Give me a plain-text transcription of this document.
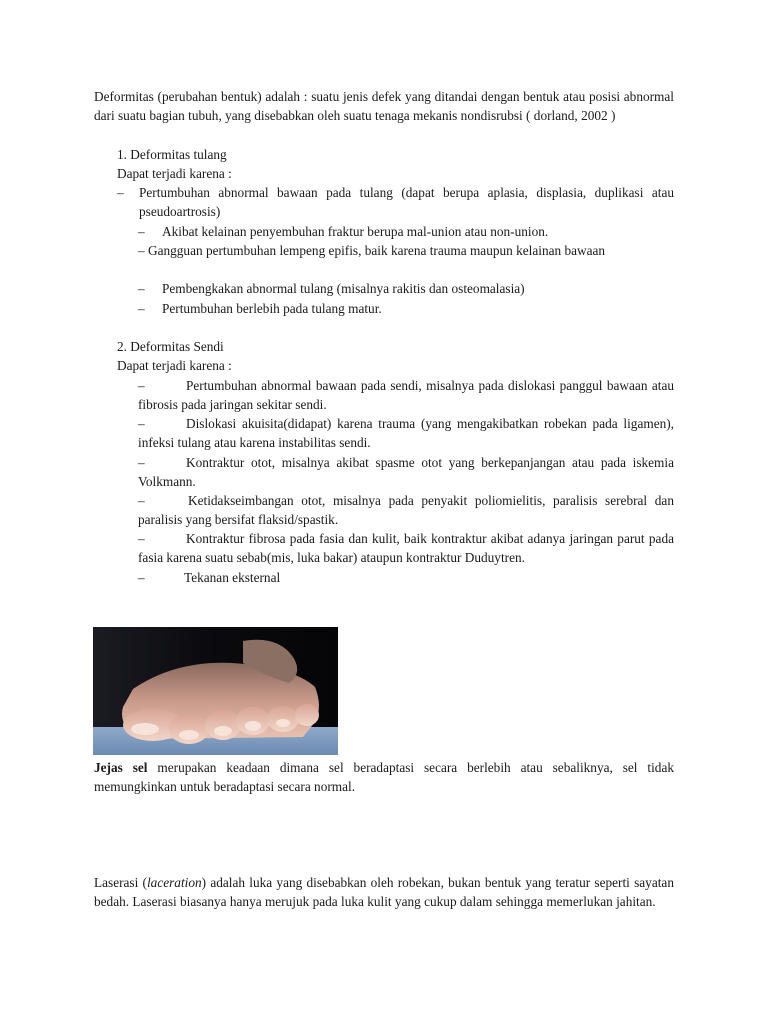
Deformitas (perubahan bentuk) adalah : suatu jenis defek yang ditandai dengan bentuk atau posisi abnormal dari suatu bagian tubuh, yang disebabkan oleh suatu tenaga mekanis nondisrubsi ( dorland, 2002 )

1. Deformitas tulang

Dapat terjadi karena :

–	Pertumbuhan abnormal bawaan pada tulang (dapat berupa aplasia, displasia, duplikasi atau pseudoartrosis)
–	Akibat kelainan penyembuhan fraktur berupa mal-union atau non-union.
– Gangguan pertumbuhan lempeng epifis, baik karena trauma maupun kelainan bawaan
–	Pembengkakan abnormal tulang (misalnya rakitis dan osteomalasia)
–	Pertumbuhan berlebih pada tulang matur.

2. Deformitas Sendi

Dapat terjadi karena :

–	Pertumbuhan abnormal bawaan pada sendi, misalnya pada dislokasi panggul bawaan atau fibrosis pada jaringan sekitar sendi.
–	Dislokasi akuisita(didapat) karena trauma (yang mengakibatkan robekan pada ligamen), infeksi tulang atau karena instabilitas sendi.
–	Kontraktur otot, misalnya akibat spasme otot yang berkepanjangan atau pada iskemia Volkmann.
–	Ketidakseimbangan otot, misalnya pada penyakit poliomielitis, paralisis serebral dan paralisis yang bersifat flaksid/spastik.
–	Kontraktur fibrosa pada fasia dan kulit, baik kontraktur akibat adanya jaringan parut pada fasia karena suatu sebab(mis, luka bakar) ataupun kontraktur Duduytren.
–	Tekanan eksternal

Jejas sel merupakan keadaan dimana sel beradaptasi secara berlebih atau sebaliknya, sel tidak memungkinkan untuk beradaptasi secara normal.

Laserasi (laceration) adalah luka yang disebabkan oleh robekan, bukan bentuk yang teratur seperti sayatan bedah. Laserasi biasanya hanya merujuk pada luka kulit yang cukup dalam sehingga memerlukan jahitan.
